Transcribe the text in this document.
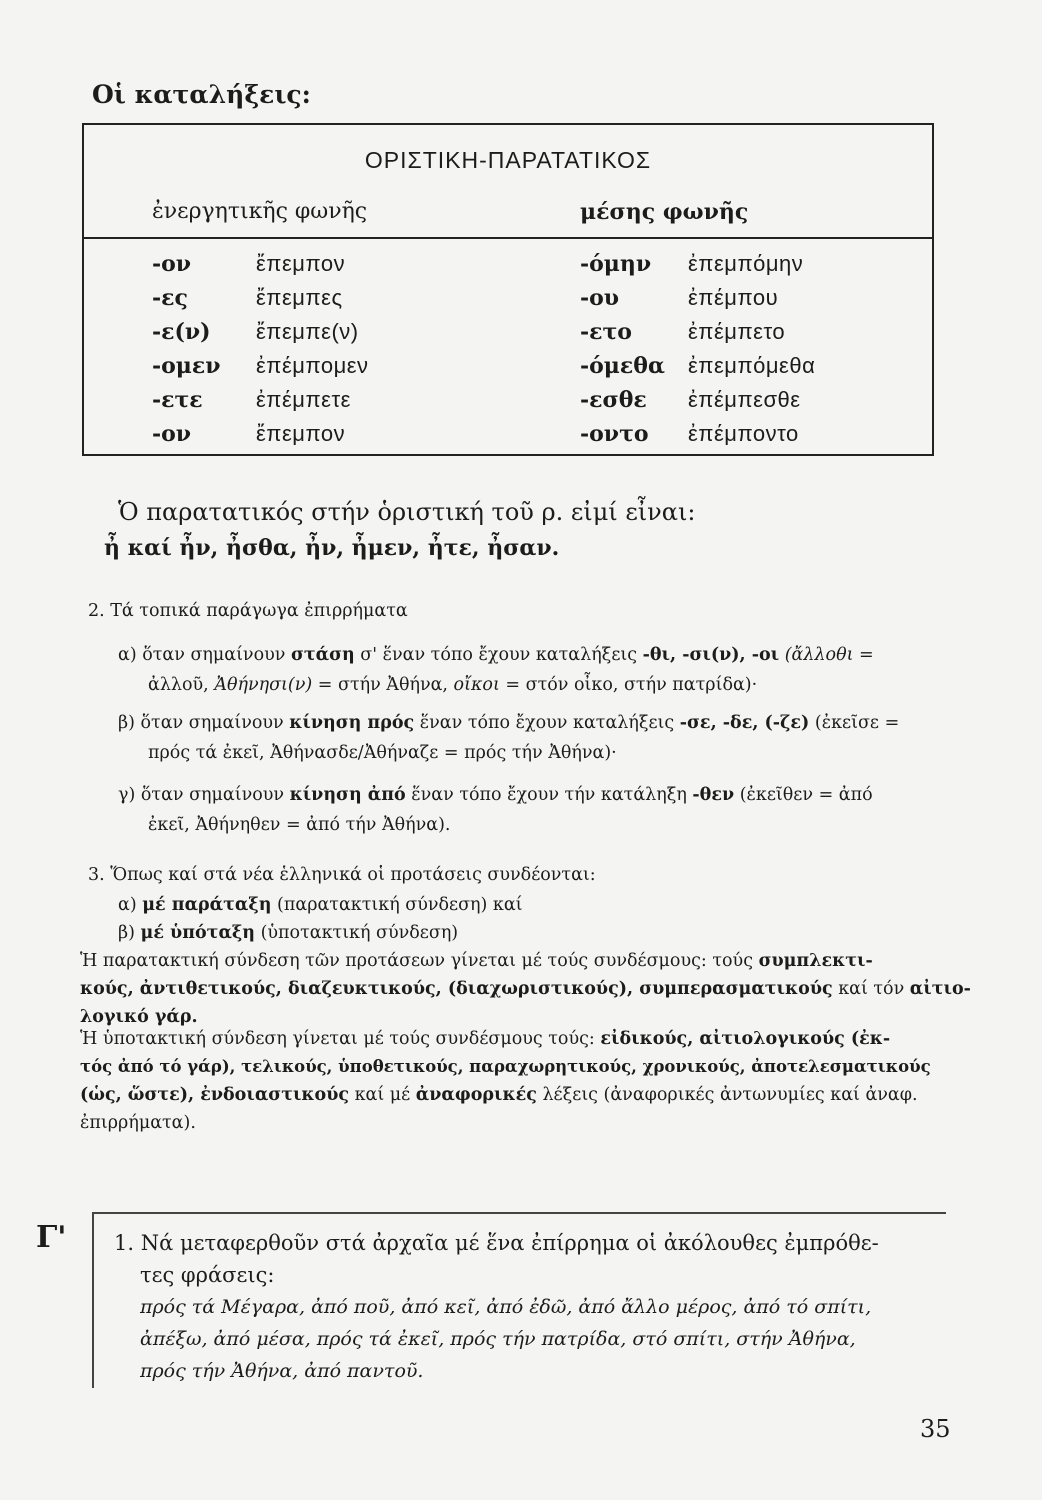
Οἱ καταλήξεις:
ΟΡΙΣΤΙΚΗ-ΠΑΡΑΤΑΤΙΚΟΣ
ἐνεργητικῆς φωνῆς	μέσης φωνῆς
-ον	ἔπεμπον	-όμην ἐπεμπόμην
-ες	ἔπεμπες	-ου	ἐπέμπου
-ε(ν) ἔπεμπε(ν)	-ετο	ἐπέμπετο
-ομεν ἐπέμπομεν	-όμεθα ἐπεμπόμεθα
-ετε ἐπέμπετε	-εσθε ἐπέμπεσθε
-ον	ἔπεμπον	-οντο ἐπέμποντο
Ὁ παρατατικός στήν ὁριστική τοῦ ρ. εἰμί εἶναι:
ἦ καί ἦν, ἦσθα, ἦν, ἦμεν, ἦτε, ἦσαν.
2. Τά τοπικά παράγωγα ἐπιρρήματα
α) ὅταν σημαίνουν στάση σ' ἕναν τόπο ἔχουν καταλήξεις -θι, -σι(ν), -οι (ἄλλοθι =
ἀλλοῦ, Ἀθήνησι(ν) = στήν Ἀθήνα, οἴκοι = στόν οἶκο, στήν πατρίδα)·
β) ὅταν σημαίνουν κίνηση πρός ἕναν τόπο ἔχουν καταλήξεις -σε, -δε, (-ζε) (ἐκεῖσε =
πρός τά ἐκεῖ, Ἀθήνασδε/Ἀθήναζε = πρός τήν Ἀθήνα)·
γ) ὅταν σημαίνουν κίνηση ἀπό ἕναν τόπο ἔχουν τήν κατάληξη -θεν (ἐκεῖθεν = ἀπό
ἐκεῖ, Ἀθήνηθεν = ἀπό τήν Ἀθήνα).
3. Ὅπως καί στά νέα ἑλληνικά οἱ προτάσεις συνδέονται:
α) μέ παράταξη (παρατακτική σύνδεση) καί
β) μέ ὑπόταξη (ὑποτακτική σύνδεση)
Ἡ παρατακτική σύνδεση τῶν προτάσεων γίνεται μέ τούς συνδέσμους: τούς συμπλεκτι-
κούς, ἀντιθετικούς, διαζευκτικούς, (διαχωριστικούς), συμπερασματικούς καί τόν αἰτιο-
λογικό γάρ.
Ἡ ὑποτακτική σύνδεση γίνεται μέ τούς συνδέσμους τούς: εἰδικούς, αἰτιολογικούς (ἐκ-
τός ἀπό τό γάρ), τελικούς, ὑποθετικούς, παραχωρητικούς, χρονικούς, ἀποτελεσματικούς
(ὡς, ὥστε), ἐνδοιαστικούς καί μέ ἀναφορικές λέξεις (ἀναφορικές ἀντωνυμίες καί ἀναφ.
ἐπιρρήματα).
Γ' 1. Νά μεταφερθοῦν στά ἀρχαῖα μέ ἕνα ἐπίρρημα οἱ ἀκόλουθες ἐμπρόθε-
τες φράσεις:
πρός τά Μέγαρα, ἀπό ποῦ, ἀπό κεῖ, ἀπό ἐδῶ, ἀπό ἄλλο μέρος, ἀπό τό σπίτι,
ἀπέξω, ἀπό μέσα, πρός τά ἐκεῖ, πρός τήν πατρίδα, στό σπίτι, στήν Ἀθήνα,
πρός τήν Ἀθήνα, ἀπό παντοῦ.
35
